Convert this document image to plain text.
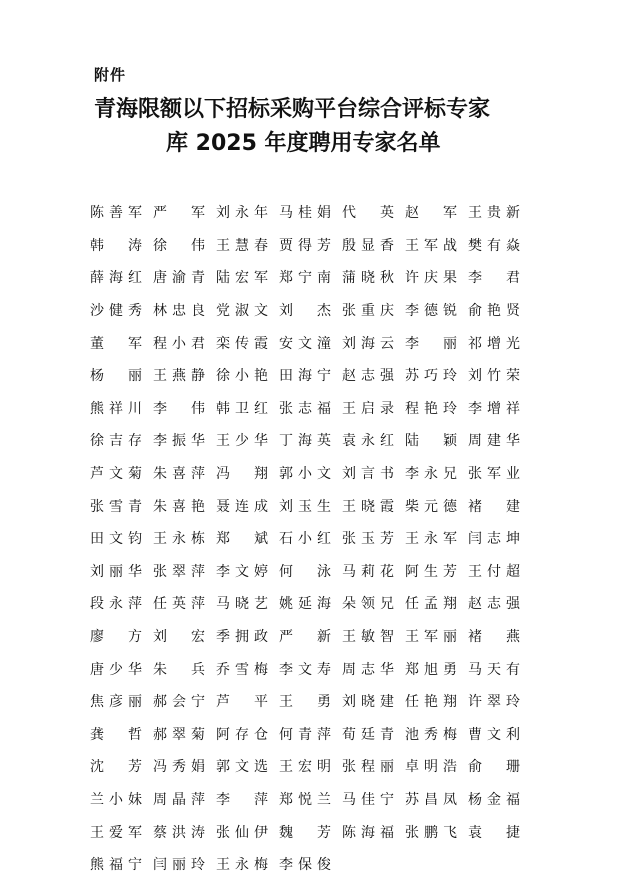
附件
青海限额以下招标采购平台综合评标专家
库 2025 年度聘用专家名单
陈 善 军 严 军 刘 永 年 马 桂 娟 代 英 赵 军 王 贵 新
韩 涛 徐 伟 王 慧 春 贾 得 芳 殷 显 香 王 军 战 樊 有 焱
薛 海 红 唐 渝 青 陆 宏 军 郑 宁 南 蒲 晓 秋 许 庆 果 李 君
沙 健 秀 林 忠 良 党 淑 文 刘 杰 张 重 庆 李 德 锐 俞 艳 贤
董 军 程 小 君 栾 传 霞 安 文 潼 刘 海 云 李 丽 祁 增 光
杨 丽 王 燕 静 徐 小 艳 田 海 宁 赵 志 强 苏 巧 玲 刘 竹 荣
熊 祥 川 李 伟 韩 卫 红 张 志 福 王 启 录 程 艳 玲 李 增 祥
徐 吉 存 李 振 华 王 少 华 丁 海 英 袁 永 红 陆 颖 周 建 华
芦 文 菊 朱 喜 萍 冯 翔 郭 小 文 刘 言 书 李 永 兄 张 军 业
张 雪 青 朱 喜 艳 聂 连 成 刘 玉 生 王 晓 霞 柴 元 德 褚 建
田 文 钧 王 永 栋 郑 斌 石 小 红 张 玉 芳 王 永 军 闫 志 坤
刘 丽 华 张 翠 萍 李 文 婷 何 泳 马 莉 花 阿 生 芳 王 付 超
段 永 萍 任 英 萍 马 晓 艺 姚 延 海 朵 领 兄 任 孟 翔 赵 志 强
廖 方 刘 宏 季 拥 政 严 新 王 敏 智 王 军 丽 褚 燕
唐 少 华 朱 兵 乔 雪 梅 李 文 寿 周 志 华 郑 旭 勇 马 天 有
焦 彦 丽 郝 会 宁 芦 平 王 勇 刘 晓 建 任 艳 翔 许 翠 玲
龚 哲 郝 翠 菊 阿 存 仓 何 青 萍 荀 廷 青 池 秀 梅 曹 文 利
沈 芳 冯 秀 娟 郭 文 选 王 宏 明 张 程 丽 卓 明 浩 俞 珊
兰 小 妹 周 晶 萍 李 萍 郑 悦 兰 马 佳 宁 苏 昌 凤 杨 金 福
王 爱 军 蔡 洪 涛 张 仙 伊 魏 芳 陈 海 福 张 鹏 飞 袁 捷
熊 福 宁 闫 丽 玲 王 永 梅 李 保 俊
